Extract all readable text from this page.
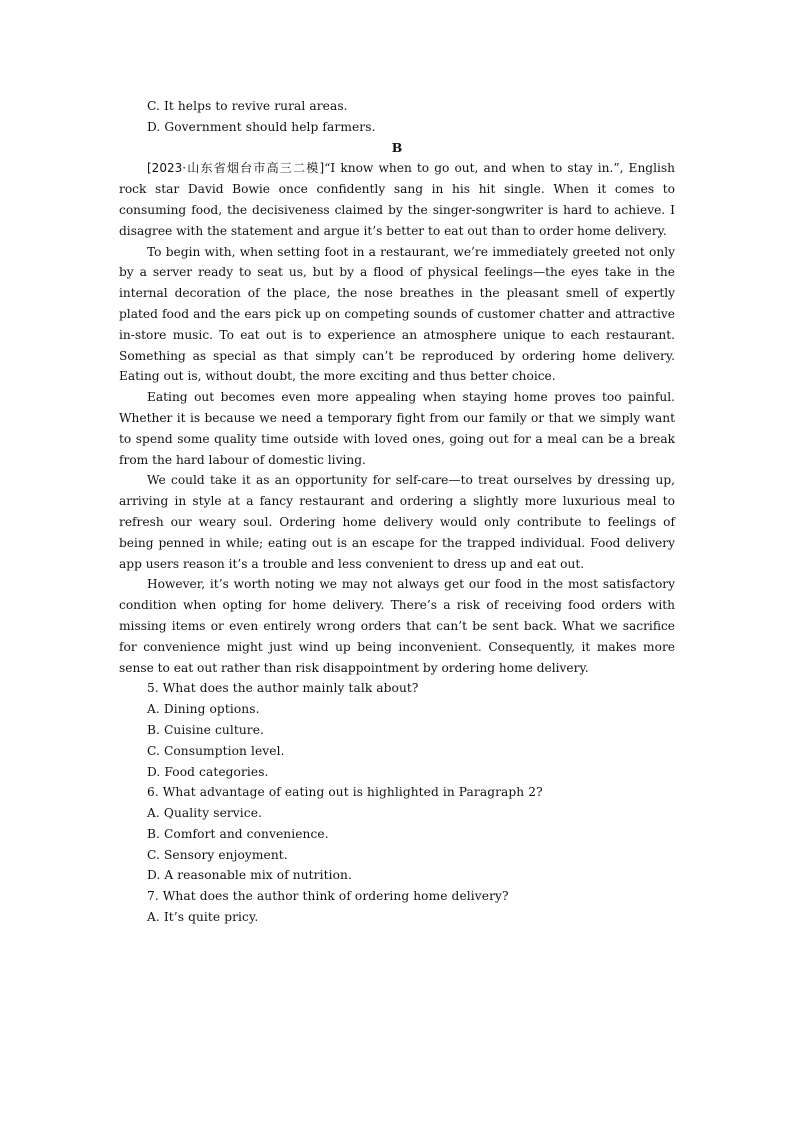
C. It helps to revive rural areas.
D. Government should help farmers.
B

[2023·山东省烟台市高三二模]“I know when to go out, and when to stay in.”, English rock star David Bowie once confidently sang in his hit single. When it comes to consuming food, the decisiveness claimed by the singer-songwriter is hard to achieve. I disagree with the statement and argue it’s better to eat out than to order home delivery.

To begin with, when setting foot in a restaurant, we’re immediately greeted not only by a server ready to seat us, but by a flood of physical feelings—the eyes take in the internal decoration of the place, the nose breathes in the pleasant smell of expertly plated food and the ears pick up on competing sounds of customer chatter and attractive in-store music. To eat out is to experience an atmosphere unique to each restaurant. Something as special as that simply can’t be reproduced by ordering home delivery. Eating out is, without doubt, the more exciting and thus better choice.

Eating out becomes even more appealing when staying home proves too painful. Whether it is because we need a temporary fight from our family or that we simply want to spend some quality time outside with loved ones, going out for a meal can be a break from the hard labour of domestic living.

We could take it as an opportunity for self-care—to treat ourselves by dressing up, arriving in style at a fancy restaurant and ordering a slightly more luxurious meal to refresh our weary soul. Ordering home delivery would only contribute to feelings of being penned in while; eating out is an escape for the trapped individual. Food delivery app users reason it’s a trouble and less convenient to dress up and eat out.

However, it’s worth noting we may not always get our food in the most satisfactory condition when opting for home delivery. There’s a risk of receiving food orders with missing items or even entirely wrong orders that can’t be sent back. What we sacrifice for convenience might just wind up being inconvenient. Consequently, it makes more sense to eat out rather than risk disappointment by ordering home delivery.

5. What does the author mainly talk about?
A. Dining options.
B. Cuisine culture.
C. Consumption level.
D. Food categories.
6. What advantage of eating out is highlighted in Paragraph 2?
A. Quality service.
B. Comfort and convenience.
C. Sensory enjoyment.
D. A reasonable mix of nutrition.
7. What does the author think of ordering home delivery?
A. It’s quite pricy.
